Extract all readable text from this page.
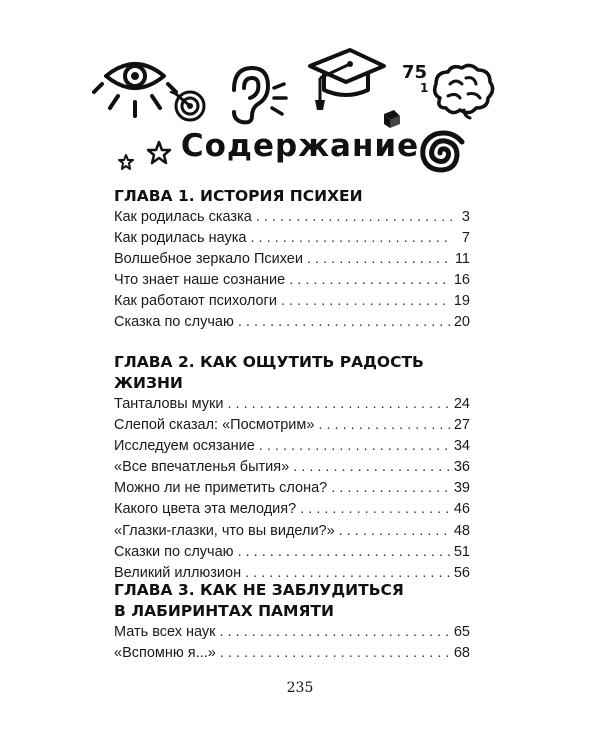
75
1
Содержание
ГЛАВА 1. ИСТОРИЯ ПСИХЕИ
Как родилась сказка . . .	3
Как родилась наука . . .	7
Волшебное зеркало Психеи . . .	11
Что знает наше сознание . . .	16
Как работают психологи . . .	19
Сказка по случаю . . .	20
ГЛАВА 2. КАК ОЩУТИТЬ РАДОСТЬ ЖИЗНИ
Танталовы муки . . .	24
Слепой сказал: «Посмотрим» . . .	27
Исследуем осязание . . .	34
«Все впечатленья бытия» . . .	36
Можно ли не приметить слона? . . .	39
Какого цвета эта мелодия? . . .	46
«Глазки-глазки, что вы видели?» . . .	48
Сказки по случаю . . .	51
Великий иллюзион . . .	56
ГЛАВА 3. КАК НЕ ЗАБЛУДИТЬСЯ
В ЛАБИРИНТАХ ПАМЯТИ
Мать всех наук . . .	65
«Вспомню я...» . . .	68
235
